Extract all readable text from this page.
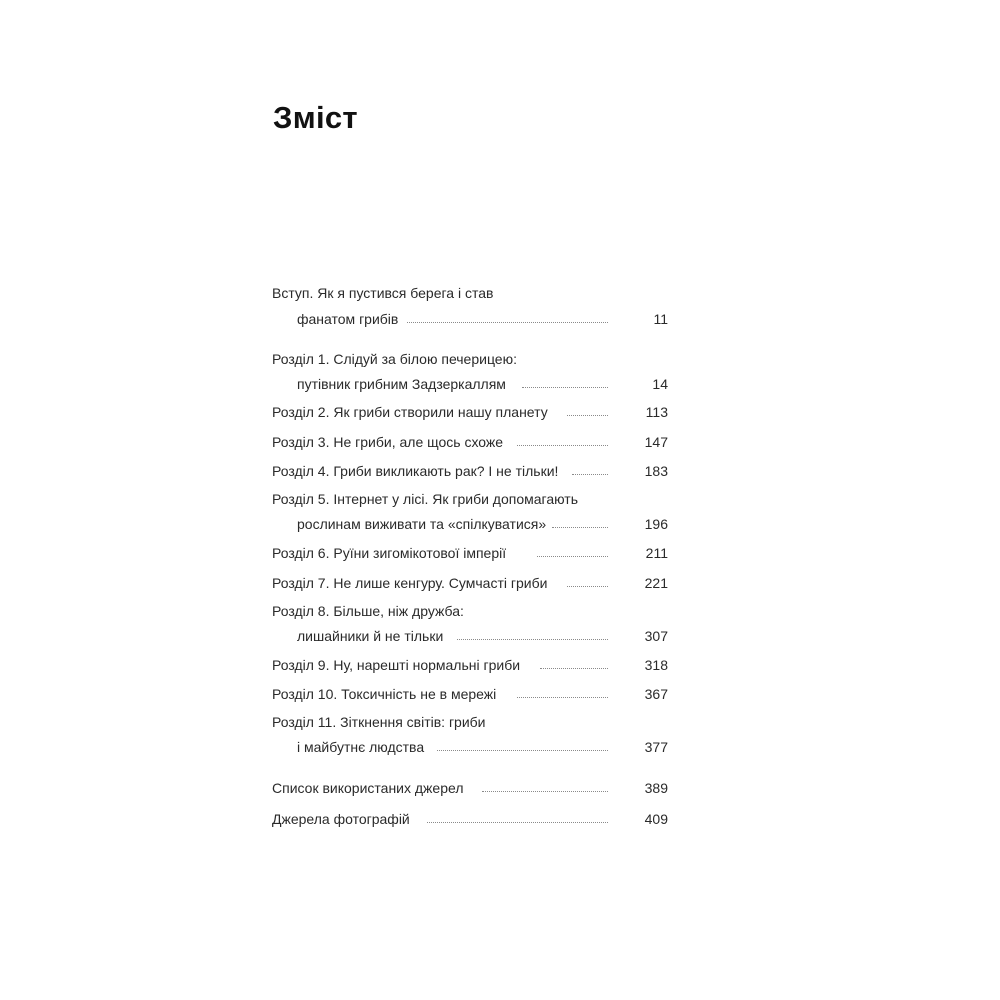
Зміст
Вступ. Як я пустився берега і став
фанатом грибів	11
Розділ 1. Слідуй за білою печерицею:
путівник грибним Задзеркаллям	14
Розділ 2. Як гриби створили нашу планету	113
Розділ 3. Не гриби, але щось схоже	147
Розділ 4. Гриби викликають рак? І не тільки!	183
Розділ 5. Інтернет у лісі. Як гриби допомагають
рослинам виживати та «спілкуватися»	196
Розділ 6. Руїни зигомікотової імперії	211
Розділ 7. Не лише кенгуру. Сумчасті гриби	221
Розділ 8. Більше, ніж дружба:
лишайники й не тільки	307
Розділ 9. Ну, нарешті нормальні гриби	318
Розділ 10. Токсичність не в мережі	367
Розділ 11. Зіткнення світів: гриби
і майбутнє людства	377
Список використаних джерел	389
Джерела фотографій	409
